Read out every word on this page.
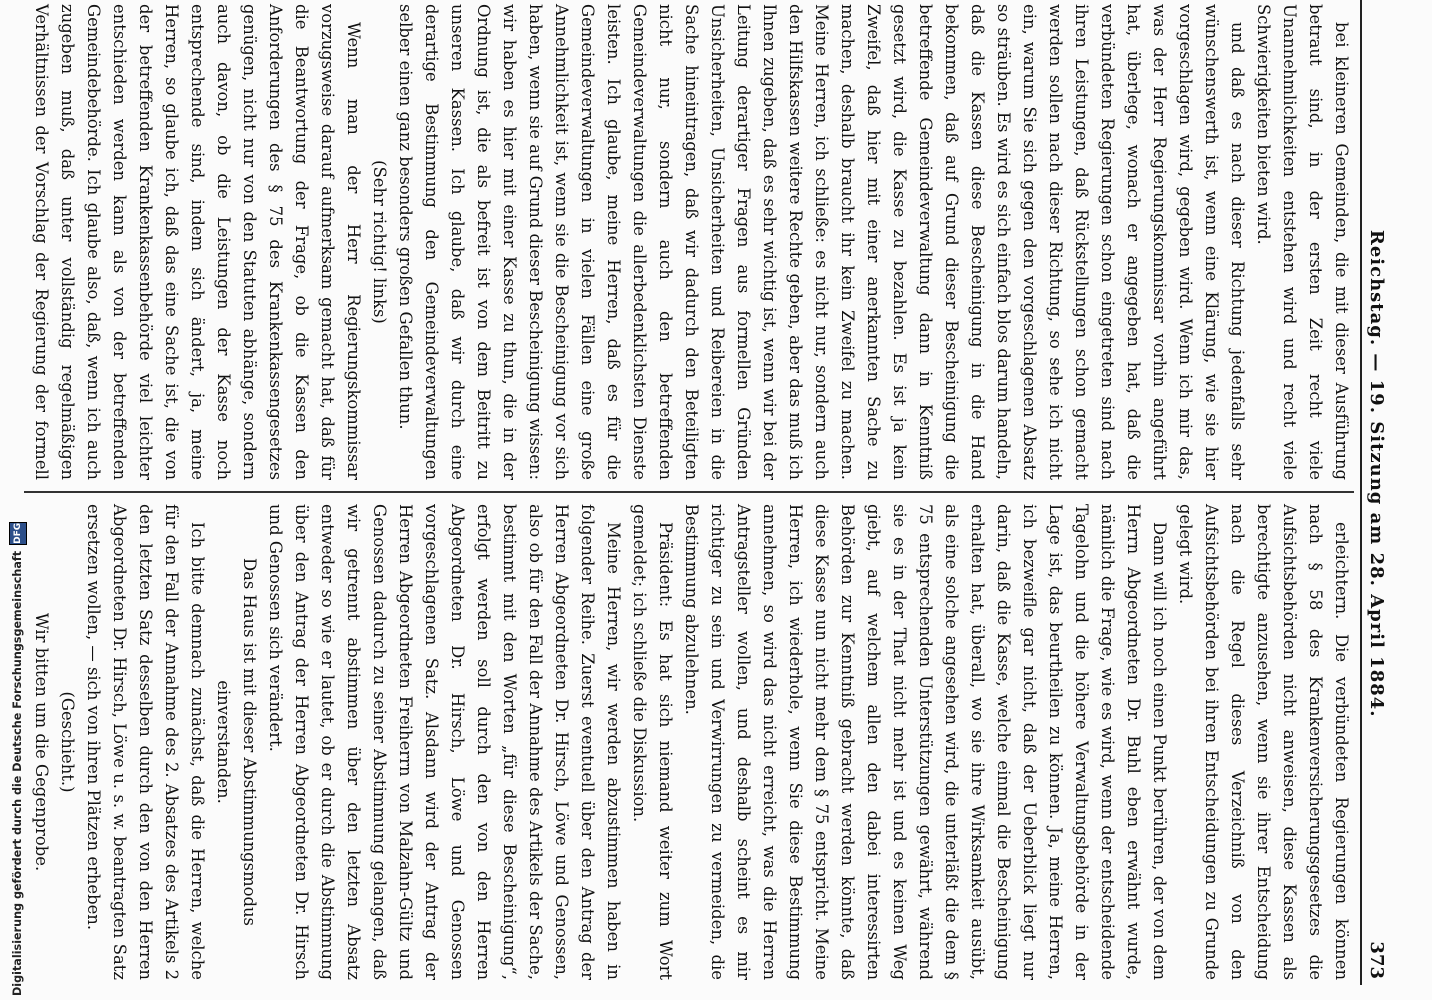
Reichstag. — 19. Sitzung am 28. April 1884.
373

bei kleineren Gemeinden, die mit dieser Ausführung betraut sind, in der ersten Zeit recht viele Unannehmlichkeiten entstehen wird und recht viele Schwierigkeiten bieten wird.

und daß es nach dieser Richtung jedenfalls sehr wünschenswerth ist, wenn eine Klärung, wie sie hier vorgeschlagen wird, gegeben wird. Wenn ich mir das, was der Herr Regierungskommissar vorhin angeführt hat, überlege, wonach er angegeben hat, daß die verbündeten Regierungen schon eingetreten sind nach ihren Leistungen, daß Rückstellungen schon gemacht werden sollen nach dieser Richtung, so sehe ich nicht ein, warum Sie sich gegen den vorgeschlagenen Absatz so sträuben. Es wird es sich einfach blos darum handeln, daß die Kassen diese Bescheinigung in die Hand bekommen, daß auf Grund dieser Bescheinigung die betreffende Gemeindeverwaltung dann in Kenntniß gesetzt wird, die Kasse zu bezahlen. Es ist ja kein Zweifel, daß hier mit einer anerkannten Sache zu machen, deshalb braucht ihr kein Zweifel zu machen. Meine Herren, ich schließe: es nicht nur, sondern auch den Hilfskassen weitere Rechte geben, aber das muß ich Ihnen zugeben, daß es sehr wichtig ist, wenn wir bei der Leitung derartiger Fragen aus formellen Gründen Unsicherheiten, Unsicherheiten und Reibereien in die Sache hineintragen, daß wir dadurch den Beteiligten nicht nur, sondern auch den betreffenden Gemeindeverwaltungen die allerbedenklichsten Dienste leisten. Ich glaube, meine Herren, daß es für die Gemeindeverwaltungen in vielen Fällen eine große Annehmlichkeit ist, wenn sie die Bescheinigung vor sich haben, wenn sie auf Grund dieser Bescheinigung wissen: wir haben es hier mit einer Kasse zu thun, die in der Ordnung ist, die als befreit ist von dem Beitritt zu unseren Kassen. Ich glaube, daß wir durch eine derartige Bestimmung den Gemeindeverwaltungen selber einen ganz besonders großen Gefallen thun.

(Sehr richtig! links)

Wenn man der Herr Regierungskommissar vorzugsweise darauf aufmerksam gemacht hat, daß für die Beantwortung der Frage, ob die Kassen den Anforderungen des § 75 des Krankenkassengesetzes genügen, nicht nur von den Statuten abhänge, sondern auch davon, ob die Leistungen der Kasse noch entsprechende sind, indem sich ändert, ja, meine Herren, so glaube ich, daß das eine Sache ist, die von der betreffenden Krankenkassenbehörde viel leichter entschieden werden kann als von der betreffenden Gemeindebehörde. Ich glaube also, daß, wenn ich auch zugeben muß, daß unter vollständig regelmäßigen Verhältnissen der Vorschlag der Regierung der formell

erleichtern. Die verbündeten Regierungen können nach § 58 des Krankenversicherungsgesetzes die Aufsichtsbehörden nicht anweisen, diese Kassen als berechtigte anzusehen, wenn sie ihrer Entscheidung nach die Regel dieses Verzeichniß von den Aufsichtsbehörden bei ihren Entscheidungen zu Grunde gelegt wird.

Dann will ich noch einen Punkt berühren, der von dem Herrn Abgeordneten Dr. Buhl eben erwähnt wurde, nämlich die Frage, wie es wird, wenn der entscheidende Tagelohn und die höhere Verwaltungsbehörde in der Lage ist, das beurtheilen zu können. Ja, meine Herren, ich bezweifle gar nicht, daß der Ueberblick liegt nur darin, daß die Kasse, welche einmal die Bescheinigung erhalten hat, überall, wo sie ihre Wirksamkeit ausübt, als eine solche angesehen wird, die unterläßt die dem § 75 entsprechenden Unterstützungen gewährt, während sie es in der That nicht mehr ist und es keinen Weg giebt, auf welchem allen den dabei interessirten Behörden zur Kenntniß gebracht werden könnte, daß diese Kasse nun nicht mehr dem § 75 entspricht. Meine Herren, ich wiederhole, wenn Sie diese Bestimmung annehmen, so wird das nicht erreicht, was die Herren Antragsteller wollen, und deshalb scheint es mir richtiger zu sein und Verwirrungen zu vermeiden, die Bestimmung abzulehnen.

Präsident: Es hat sich niemand weiter zum Wort gemeldet; ich schließe die Diskussion.

Meine Herren, wir werden abzustimmen haben in folgender Reihe. Zuerst eventuell über den Antrag der Herren Abgeordneten Dr. Hirsch, Löwe und Genossen, also ob für den Fall der Annahme des Artikels der Sache, bestimmt mit den Worten „für diese Bescheinigung“, erfolgt werden soll durch den von den Herren Abgeordneten Dr. Hirsch, Löwe und Genossen vorgeschlagenen Satz. Alsdann wird der Antrag der Herren Abgeordneten Freiherrn von Malzahn-Gültz und Genossen dadurch zu seiner Abstimmung gelangen, daß wir getrennt abstimmen über den letzten Absatz entweder so wie er lautet, ob er durch die Abstimmung über den Antrag der Herren Abgeordneten Dr. Hirsch und Genossen sich verändert.

Das Haus ist mit dieser Abstimmungsmodus einverstanden.

Ich bitte demnach zunächst, daß die Herren, welche für den Fall der Annahme des 2. Absatzes des Artikels 2 den letzten Satz desselben durch den von den Herren Abgeordneten Dr. Hirsch, Löwe u. s. w. beantragten Satz ersetzen wollen, — sich von ihren Plätzen erheben.

(Geschieht.)

Wir bitten um die Gegenprobe.

Digitalisierung gefördert durch die Deutsche Forschungsgemeinschaft
DFG
